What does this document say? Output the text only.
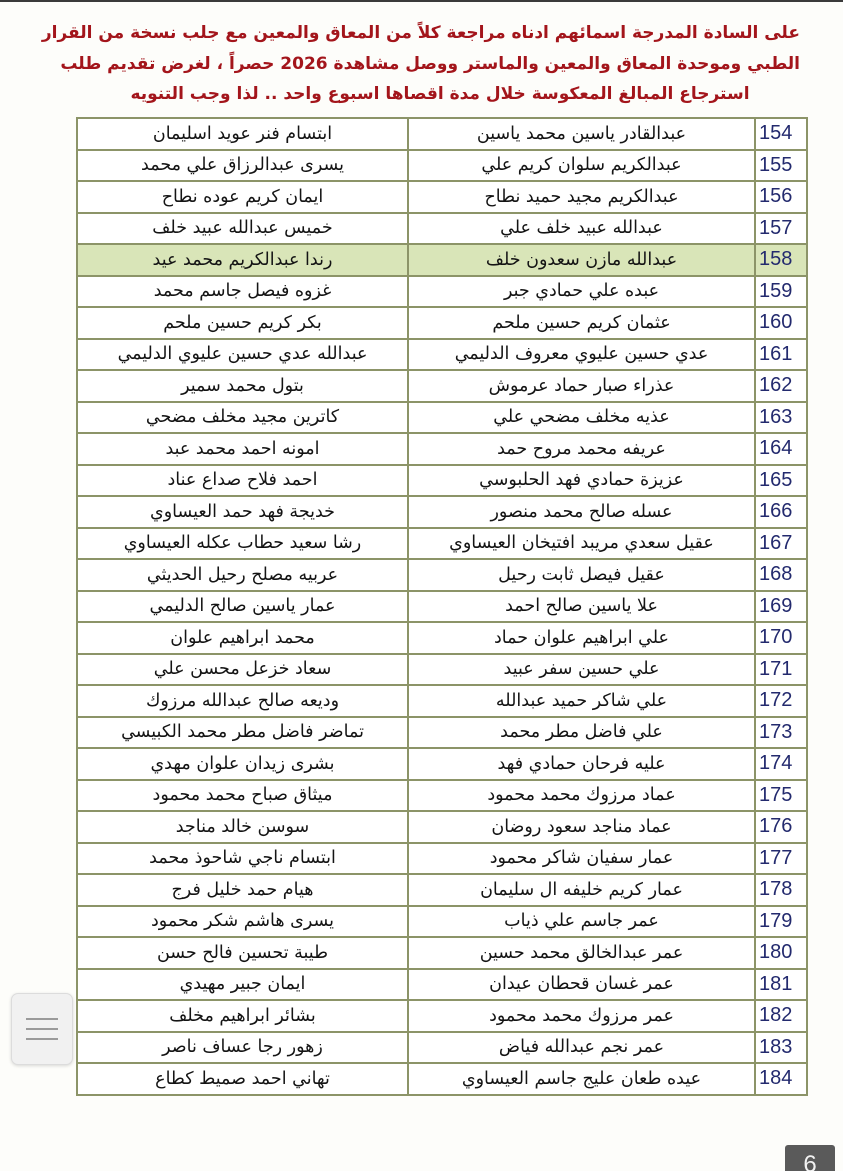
على السادة المدرجة اسمائهم ادناه مراجعة كلاً من المعاق والمعين مع جلب نسخة من القرار
الطبي وموحدة المعاق والمعين والماستر ووصل مشاهدة 2026 حصراً ، لغرض تقديم طلب
استرجاع المبالغ المعكوسة خلال مدة اقصاها اسبوع واحد .. لذا وجب التنويه
154	عبدالقادر ياسين محمد ياسين	ابتسام فنر عويد اسليمان
155	عبدالكريم سلوان كريم علي	يسرى عبدالرزاق علي محمد
156	عبدالكريم مجيد حميد نطاح	ايمان كريم عوده نطاح
157	عبدالله عبيد خلف علي	خميس عبدالله عبيد خلف
158	عبدالله مازن سعدون خلف	رندا عبدالكريم محمد عيد
159	عبده علي حمادي جبر	غزوه فيصل جاسم محمد
160	عثمان كريم حسين ملحم	بكر كريم حسين ملحم
161	عدي حسين عليوي معروف الدليمي	عبدالله عدي حسين عليوي الدليمي
162	عذراء صبار حماد عرموش	بتول محمد سمير
163	عذيه مخلف مضحي علي	كاترين مجيد مخلف مضحي
164	عريفه محمد مروح حمد	امونه احمد محمد عبد
165	عزيزة حمادي فهد الحلبوسي	احمد فلاح صداع عناد
166	عسله صالح محمد منصور	خديجة فهد حمد العيساوي
167	عقيل سعدي مريبد افتيخان العيساوي	رشا سعيد حطاب عكله العيساوي
168	عقيل فيصل ثابت رحيل	عربيه مصلح رحيل الحديثي
169	علا ياسين صالح احمد	عمار ياسين صالح الدليمي
170	علي ابراهيم علوان حماد	محمد ابراهيم علوان
171	علي حسين سفر عبيد	سعاد خزعل محسن علي
172	علي شاكر حميد عبدالله	وديعه صالح عبدالله مرزوك
173	علي فاضل مطر محمد	تماضر فاضل مطر محمد الكبيسي
174	عليه فرحان حمادي فهد	بشرى زيدان علوان مهدي
175	عماد مرزوك محمد محمود	ميثاق صباح محمد محمود
176	عماد مناجد سعود روضان	سوسن خالد مناجد
177	عمار سفيان شاكر محمود	ابتسام ناجي شاحوذ محمد
178	عمار كريم خليفه ال سليمان	هيام حمد خليل فرج
179	عمر جاسم علي ذياب	يسرى هاشم شكر محمود
180	عمر عبدالخالق محمد حسين	طيبة تحسين فالح حسن
181	عمر غسان قحطان عيدان	ايمان جبير مهيدي
182	عمر مرزوك محمد محمود	بشائر ابراهيم مخلف
183	عمر نجم عبدالله فياض	زهور رجا عساف ناصر
184	عيده طعان عليج جاسم العيساوي	تهاني احمد صميط كطاع
6
